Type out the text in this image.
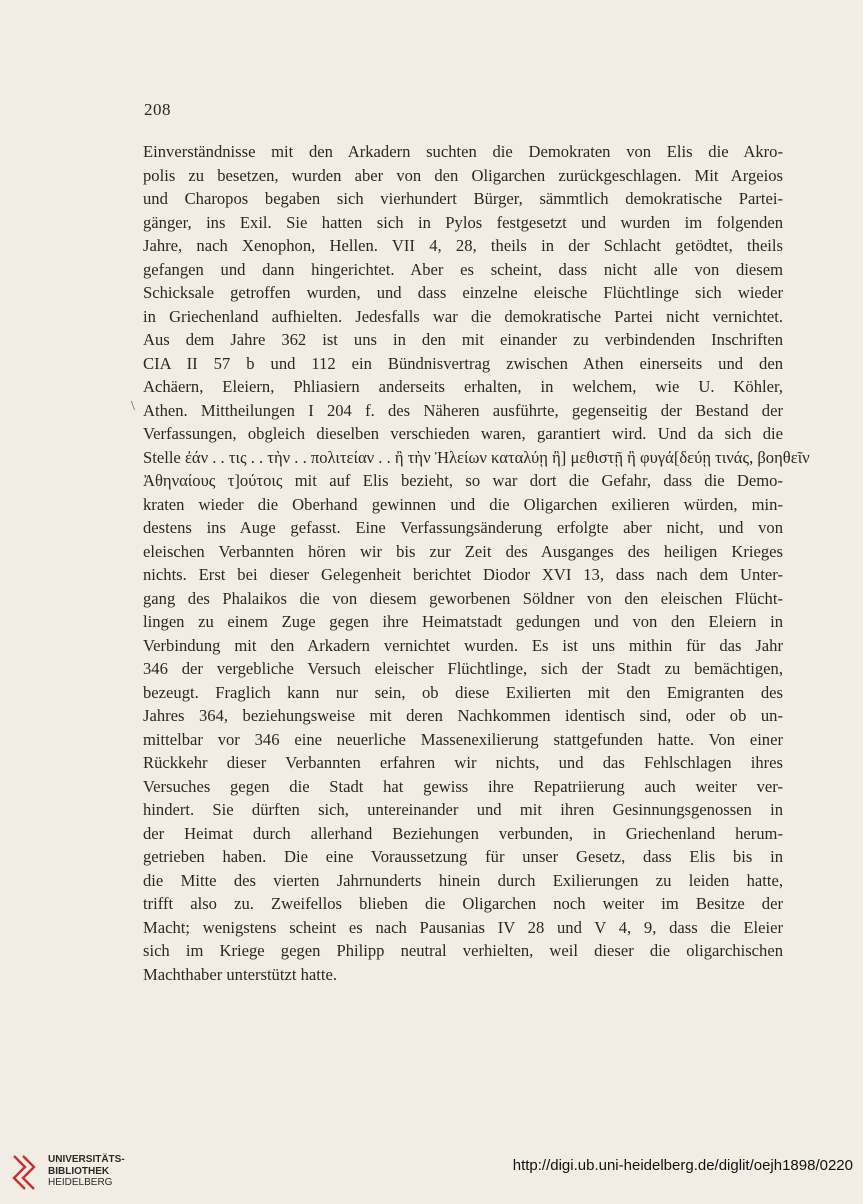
208
\
Einverständnisse mit den Arkadern suchten die Demokraten von Elis die Akro-
polis zu besetzen, wurden aber von den Oligarchen zurückgeschlagen. Mit Argeios
und Charopos begaben sich vierhundert Bürger, sämmtlich demokratische Partei-
gänger, ins Exil. Sie hatten sich in Pylos festgesetzt und wurden im folgenden
Jahre, nach Xenophon, Hellen. VII 4, 28, theils in der Schlacht getödtet, theils
gefangen und dann hingerichtet. Aber es scheint, dass nicht alle von diesem
Schicksale getroffen wurden, und dass einzelne eleische Flüchtlinge sich wieder
in Griechenland aufhielten. Jedesfalls war die demokratische Partei nicht vernichtet.
Aus dem Jahre 362 ist uns in den mit einander zu verbindenden Inschriften
CIA II 57 b und 112 ein Bündnisvertrag zwischen Athen einerseits und den
Achäern, Eleiern, Phliasiern anderseits erhalten, in welchem, wie U. Köhler,
Athen. Mittheilungen I 204 f. des Näheren ausführte, gegenseitig der Bestand der
Verfassungen, obgleich dieselben verschieden waren, garantiert wird. Und da sich die
Stelle ἐάν . . τις . . τὴν . . πολιτείαν . . ἢ τὴν Ἠλείων καταλύῃ ἢ] μεθιστῇ ἢ φυγά[δεύῃ τινάς, βοηθεῖν
Ἀθηναίους τ]ούτοις mit auf Elis bezieht, so war dort die Gefahr, dass die Demo-
kraten wieder die Oberhand gewinnen und die Oligarchen exilieren würden, min-
destens ins Auge gefasst. Eine Verfassungsänderung erfolgte aber nicht, und von
eleischen Verbannten hören wir bis zur Zeit des Ausganges des heiligen Krieges
nichts. Erst bei dieser Gelegenheit berichtet Diodor XVI 13, dass nach dem Unter-
gang des Phalaikos die von diesem geworbenen Söldner von den eleischen Flücht-
lingen zu einem Zuge gegen ihre Heimatstadt gedungen und von den Eleiern in
Verbindung mit den Arkadern vernichtet wurden. Es ist uns mithin für das Jahr
346 der vergebliche Versuch eleischer Flüchtlinge, sich der Stadt zu bemächtigen,
bezeugt. Fraglich kann nur sein, ob diese Exilierten mit den Emigranten des
Jahres 364, beziehungsweise mit deren Nachkommen identisch sind, oder ob un-
mittelbar vor 346 eine neuerliche Massenexilierung stattgefunden hatte. Von einer
Rückkehr dieser Verbannten erfahren wir nichts, und das Fehlschlagen ihres
Versuches gegen die Stadt hat gewiss ihre Repatriierung auch weiter ver-
hindert. Sie dürften sich, untereinander und mit ihren Gesinnungsgenossen in
der Heimat durch allerhand Beziehungen verbunden, in Griechenland herum-
getrieben haben. Die eine Voraussetzung für unser Gesetz, dass Elis bis in
die Mitte des vierten Jahrnunderts hinein durch Exilierungen zu leiden hatte,
trifft also zu. Zweifellos blieben die Oligarchen noch weiter im Besitze der
Macht; wenigstens scheint es nach Pausanias IV 28 und V 4, 9, dass die Eleier
sich im Kriege gegen Philipp neutral verhielten, weil dieser die oligarchischen
Machthaber unterstützt hatte.
UNIVERSITÄTS-
BIBLIOTHEK
HEIDELBERG
http://digi.ub.uni-heidelberg.de/diglit/oejh1898/0220
